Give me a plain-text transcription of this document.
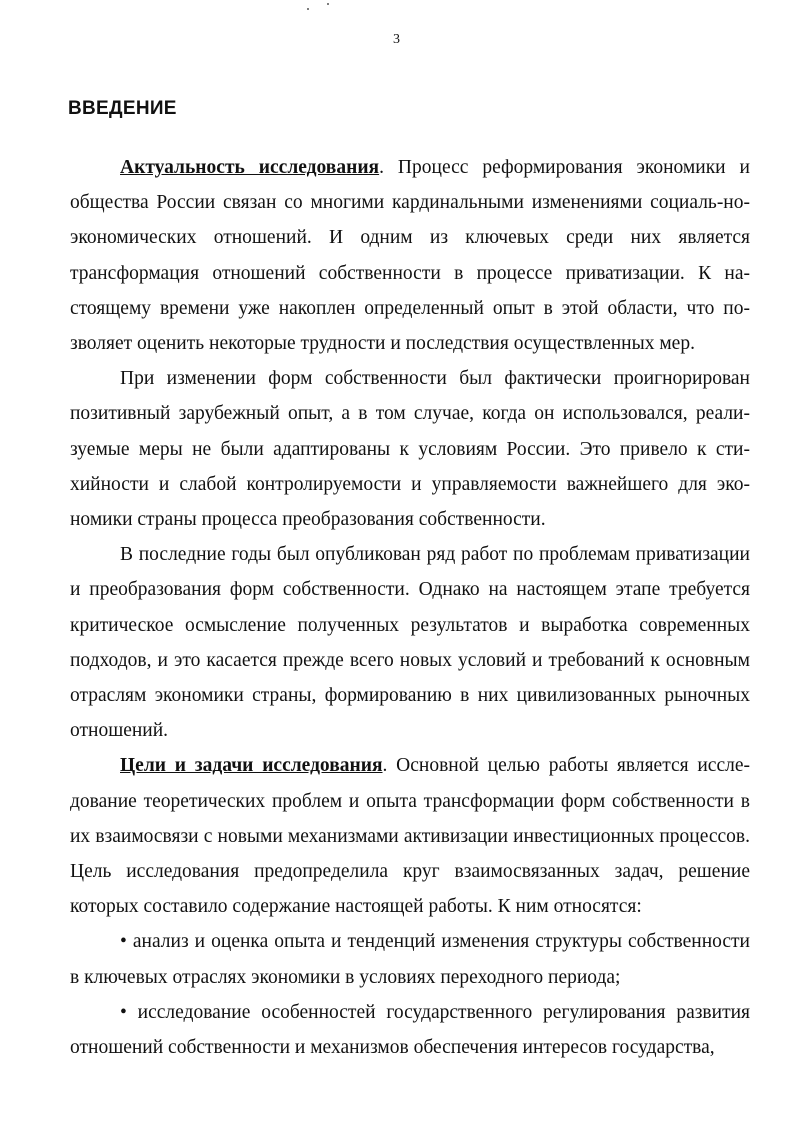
3
ВВЕДЕНИЕ

Актуальность исследования. Процесс реформирования экономики и общества России связан со многими кардинальными изменениями социаль-но-экономических отношений. И одним из ключевых среди них является трансформация отношений собственности в процессе приватизации. К настоящему времени уже накоплен определенный опыт в этой области, что позволяет оценить некоторые трудности и последствия осуществленных мер.

При изменении форм собственности был фактически проигнорирован позитивный зарубежный опыт, а в том случае, когда он использовался, реализуемые меры не были адаптированы к условиям России. Это привело к стихийности и слабой контролируемости и управляемости важнейшего для экономики страны процесса преобразования собственности.

В последние годы был опубликован ряд работ по проблемам приватизации и преобразования форм собственности. Однако на настоящем этапе требуется критическое осмысление полученных результатов и выработка современных подходов, и это касается прежде всего новых условий и требований к основным отраслям экономики страны, формированию в них цивилизованных рыночных отношений.

Цели и задачи исследования. Основной целью работы является исследование теоретических проблем и опыта трансформации форм собственности в их взаимосвязи с новыми механизмами активизации инвестиционных процессов. Цель исследования предопределила круг взаимосвязанных задач, решение которых составило содержание настоящей работы. К ним относятся:

• анализ и оценка опыта и тенденций изменения структуры собственности в ключевых отраслях экономики в условиях переходного периода;

• исследование особенностей государственного регулирования развития отношений собственности и механизмов обеспечения интересов государства,
